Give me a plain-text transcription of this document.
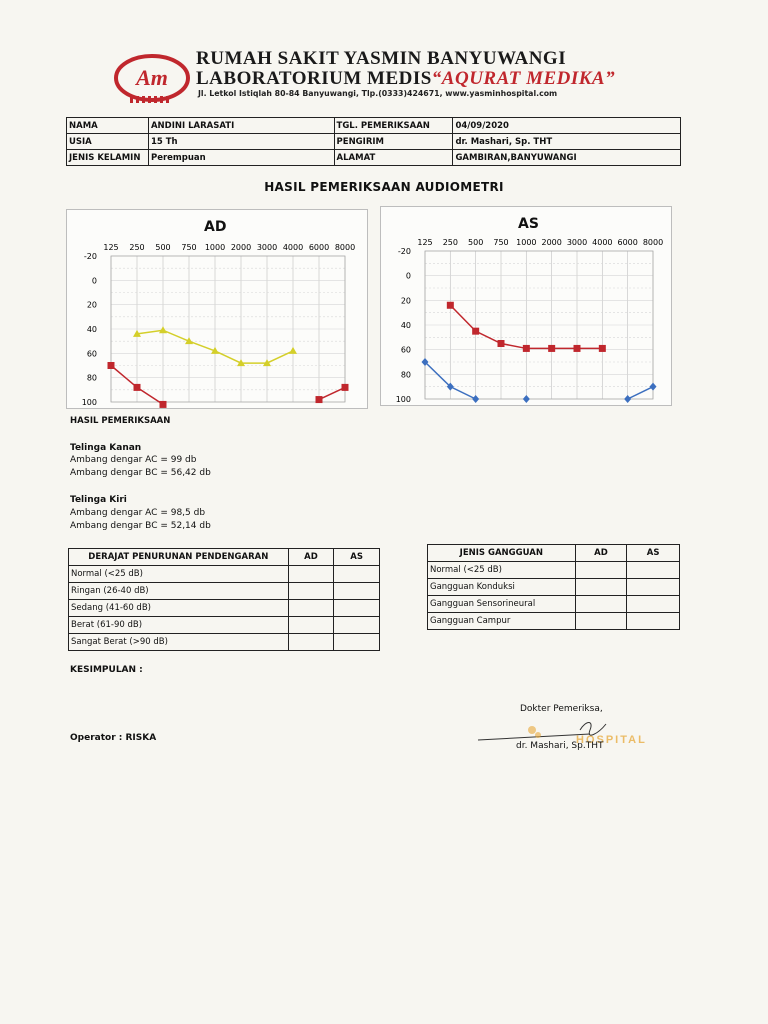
Am
RUMAH SAKIT YASMIN BANYUWANGI
LABORATORIUM MEDIS“AQURAT MEDIKA”
Jl. Letkol Istiqlah 80-84 Banyuwangi, Tlp.(0333)424671, www.yasminhospital.com
NAMA	ANDINI LARASATI	TGL. PEMERIKSAAN	04/09/2020
USIA	15 Th	PENGIRIM	dr. Mashari, Sp. THT
JENIS KELAMIN	Perempuan	ALAMAT	GAMBIRAN,BANYUWANGI
HASIL PEMERIKSAAN AUDIOMETRI
AD
125 250 500 750 1000 2000 3000 4000 6000 8000
-20
0
20
40
60
80
100
AS
125 250 500 750 1000 2000 3000 4000 6000 8000
-20
0
20
40
60
80
100
HASIL PEMERIKSAAN
Telinga Kanan
Ambang dengar AC = 99 db
Ambang dengar BC = 56,42 db
Telinga Kiri
Ambang dengar AC = 98,5 db
Ambang dengar BC = 52,14 db
DERAJAT PENURUNAN PENDENGARAN	AD	AS
Normal (<25 dB)		
Ringan (26-40 dB)		
Sedang (41-60 dB)		
Berat (61-90 dB)		
Sangat Berat (>90 dB)		
JENIS GANGGUAN	AD	AS
Normal (<25 dB)		
Gangguan Konduksi		
Gangguan Sensorineural		
Gangguan Campur		
KESIMPULAN :
Operator : RISKA	HOSPITAL
Dokter Pemeriksa,
dr. Mashari, Sp.THT
